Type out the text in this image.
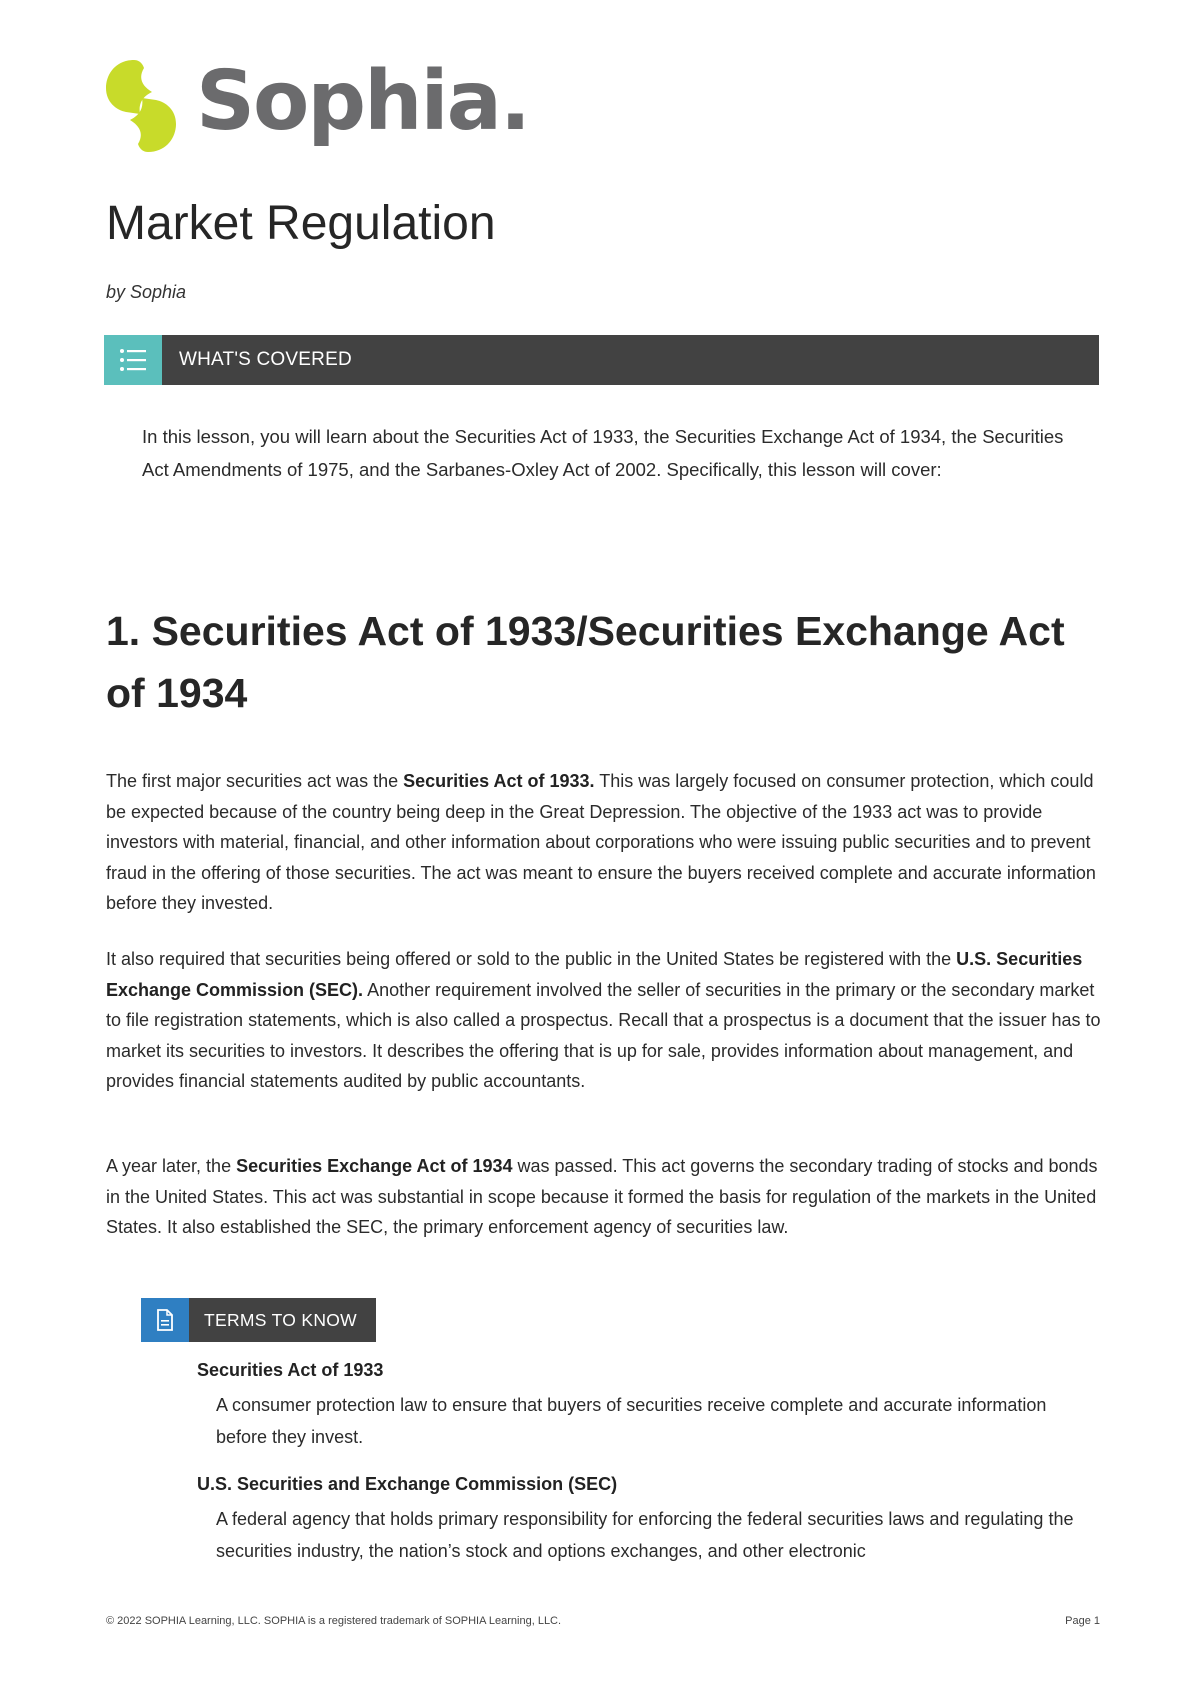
Sophia.
Market Regulation
by Sophia
WHAT'S COVERED

In this lesson, you will learn about the Securities Act of 1933, the Securities Exchange Act of 1934, the Securities Act Amendments of 1975, and the Sarbanes-Oxley Act of 2002. Specifically, this lesson will cover:

1. Securities Act of 1933/Securities Exchange Act of 1934

The first major securities act was the Securities Act of 1933. This was largely focused on consumer protection, which could be expected because of the country being deep in the Great Depression. The objective of the 1933 act was to provide investors with material, financial, and other information about corporations who were issuing public securities and to prevent fraud in the offering of those securities. The act was meant to ensure the buyers received complete and accurate information before they invested.

It also required that securities being offered or sold to the public in the United States be registered with the U.S. Securities Exchange Commission (SEC). Another requirement involved the seller of securities in the primary or the secondary market to file registration statements, which is also called a prospectus. Recall that a prospectus is a document that the issuer has to market its securities to investors. It describes the offering that is up for sale, provides information about management, and provides financial statements audited by public accountants.

A year later, the Securities Exchange Act of 1934 was passed. This act governs the secondary trading of stocks and bonds in the United States. This act was substantial in scope because it formed the basis for regulation of the markets in the United States. It also established the SEC, the primary enforcement agency of securities law.

TERMS TO KNOW

Securities Act of 1933

A consumer protection law to ensure that buyers of securities receive complete and accurate information before they invest.

U.S. Securities and Exchange Commission (SEC)

A federal agency that holds primary responsibility for enforcing the federal securities laws and regulating the securities industry, the nation’s stock and options exchanges, and other electronic

© 2022 SOPHIA Learning, LLC. SOPHIA is a registered trademark of SOPHIA Learning, LLC.	Page 1
